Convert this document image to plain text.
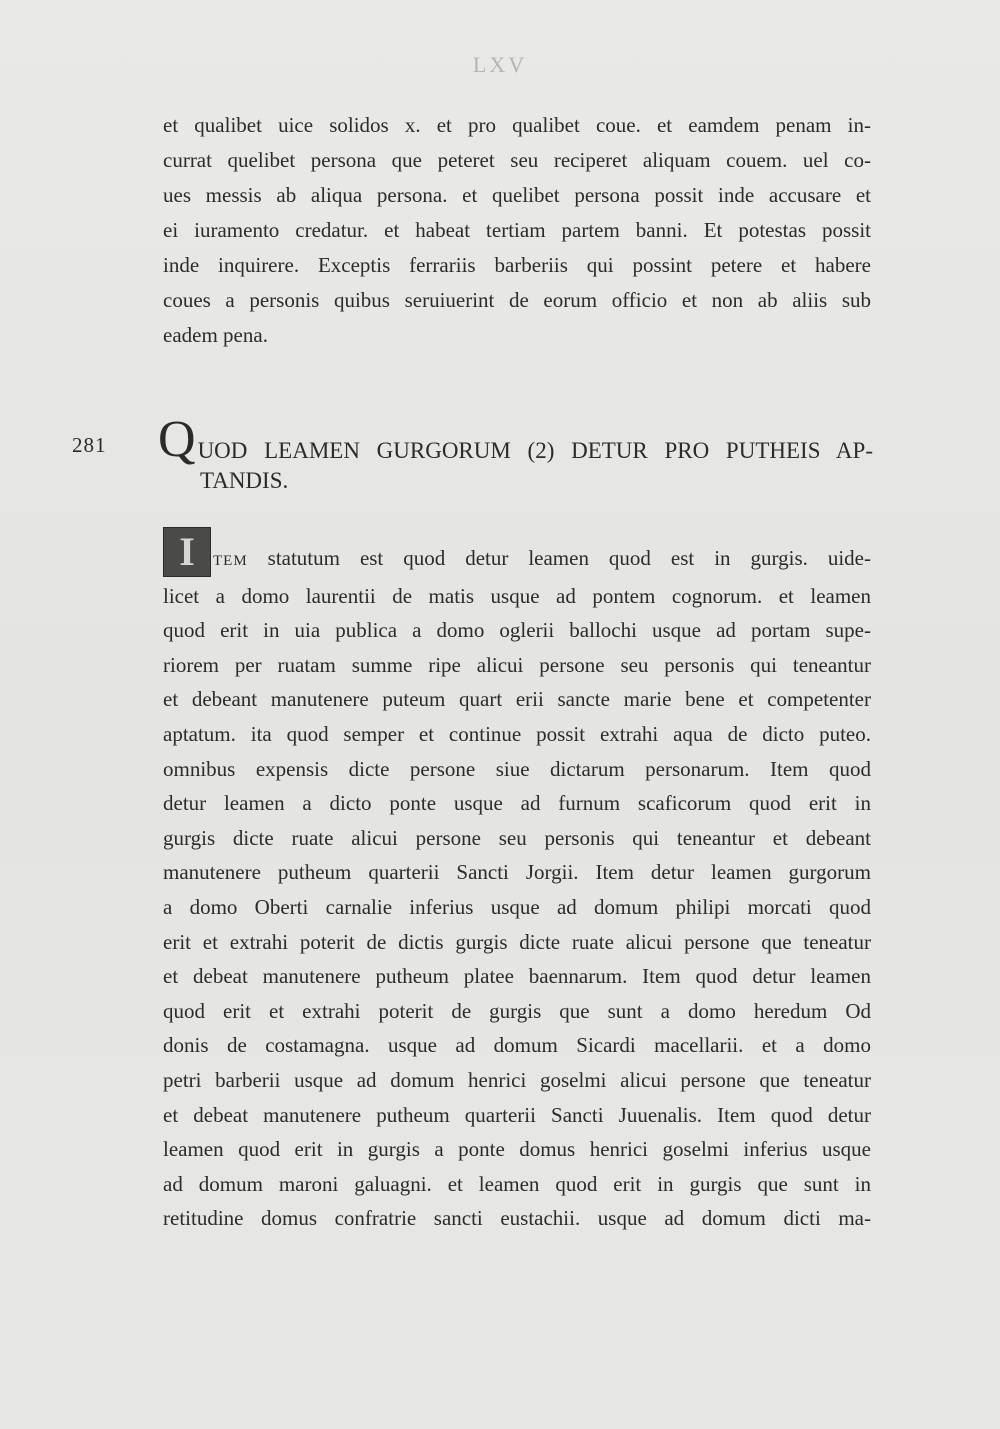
LXV
et qualibet uice solidos x. et pro qualibet coue. et eamdem penam in-
currat quelibet persona que peteret seu reciperet aliquam couem. uel co-
ues messis ab aliqua persona. et quelibet persona possit inde accusare et
ei iuramento credatur. et habeat tertiam partem banni. Et potestas possit
inde inquirere. Exceptis ferrariis barberiis qui possint petere et habere
coues a personis quibus seruiuerint de eorum officio et non ab aliis sub
eadem pena.
281 Q UOD LEAMEN GURGORUM (2) DETUR PRO PUTHEIS AP-
TANDIS.
I	TEM statutum est quod detur leamen quod est in gurgis. uide-
licet a domo laurentii de matis usque ad pontem cognorum. et leamen
quod erit in uia publica a domo oglerii ballochi usque ad portam supe-
riorem per ruatam summe ripe alicui persone seu personis qui teneantur
et debeant manutenere puteum quart erii sancte marie bene et competenter
aptatum. ita quod semper et continue possit extrahi aqua de dicto puteo.
omnibus expensis dicte persone siue dictarum personarum. Item quod
detur leamen a dicto ponte usque ad furnum scaficorum quod erit in
gurgis dicte ruate alicui persone seu personis qui teneantur et debeant
manutenere putheum quarterii Sancti Jorgii. Item detur leamen gurgorum
a domo Oberti carnalie inferius usque ad domum philipi morcati quod
erit et extrahi poterit de dictis gurgis dicte ruate alicui persone que teneatur
et debeat manutenere putheum platee baennarum. Item quod detur leamen
quod erit et extrahi poterit de gurgis que sunt a domo heredum Od
donis de costamagna. usque ad domum Sicardi macellarii. et a domo
petri barberii usque ad domum henrici goselmi alicui persone que teneatur
et debeat manutenere putheum quarterii Sancti Juuenalis. Item quod detur
leamen quod erit in gurgis a ponte domus henrici goselmi inferius usque
ad domum maroni galuagni. et leamen quod erit in gurgis que sunt in
retitudine domus confratrie sancti eustachii. usque ad domum dicti ma-
